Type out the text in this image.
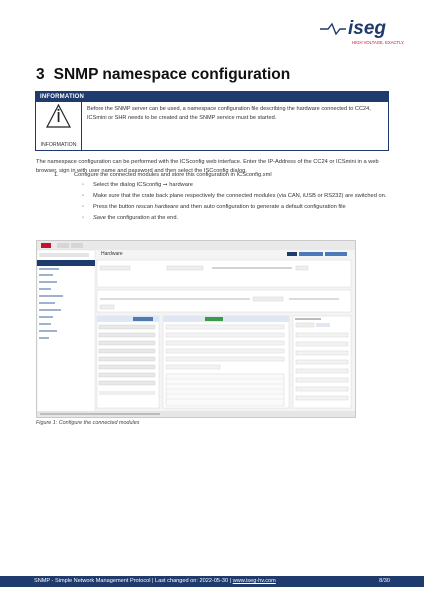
iseg
HIGH VOLTAGE. EXACTLY.
3 SNMP namespace configuration
INFORMATION
INFORMATION
Before the SNMP server can be used, a namespace configuration file describing the hardware connected to CC24, ICSmini or SHR needs to be created and the SNMP service must be started.
The namespace configuration can be performed with the ICSconfig web interface. Enter the IP-Address of the CC24 or ICSmini in a web browser, sign in with user name and password and then select the ISCconfig dialog.
1.	Configure the connected modules and store this configuration in ICSconfig.xml
◦ Select the dialog ICSconfig ➞ hardware
◦ Make sure that the crate back plane respectively the connected modules (via CAN, iUSB or RS232) are switched on.
◦ Press the button rescan hardware and then auto configuration to generate a default configuration file
◦ Save the configuration at the end.
Hardware
Figure 1: Configure the connected modules
SNMP - Simple Network Management Protocol | Last changed on: 2022-05-30 | www.iseg-hv.com	8/30
